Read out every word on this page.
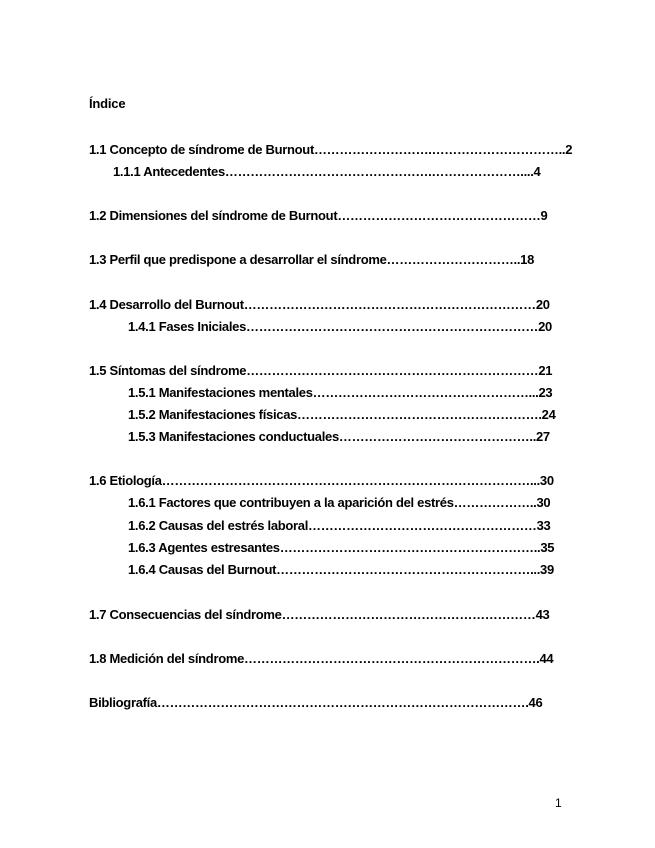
Índice
1.1 Concepto de síndrome de Burnout……………………….…………………………..2
1.1.1 Antecedentes………………………………………….…………………....4
1.2 Dimensiones del síndrome de Burnout…………………………………………9
1.3 Perfil que predispone a desarrollar el síndrome…………………………..18
1.4 Desarrollo del Burnout……………………………………………………………20
1.4.1 Fases Iniciales……………………………………………………………20
1.5 Síntomas del síndrome……………………………………………………………21
1.5.1 Manifestaciones mentales……………………………………………...23
1.5.2 Manifestaciones físicas………………………………………………….24
1.5.3 Manifestaciones conductuales………………………………………..27
1.6 Etiología……………………………………………………………………………...30
1.6.1 Factores que contribuyen a la aparición del estrés………………..30
1.6.2 Causas del estrés laboral………………………………………………33
1.6.3 Agentes estresantes……………………………………………………..35
1.6.4 Causas del Burnout……………………………………………………...39
1.7 Consecuencias del síndrome……………………………………………………43
1.8 Medición del síndrome…………………………………………………………….44
Bibliografía…………………………………………………………………………….46
1
